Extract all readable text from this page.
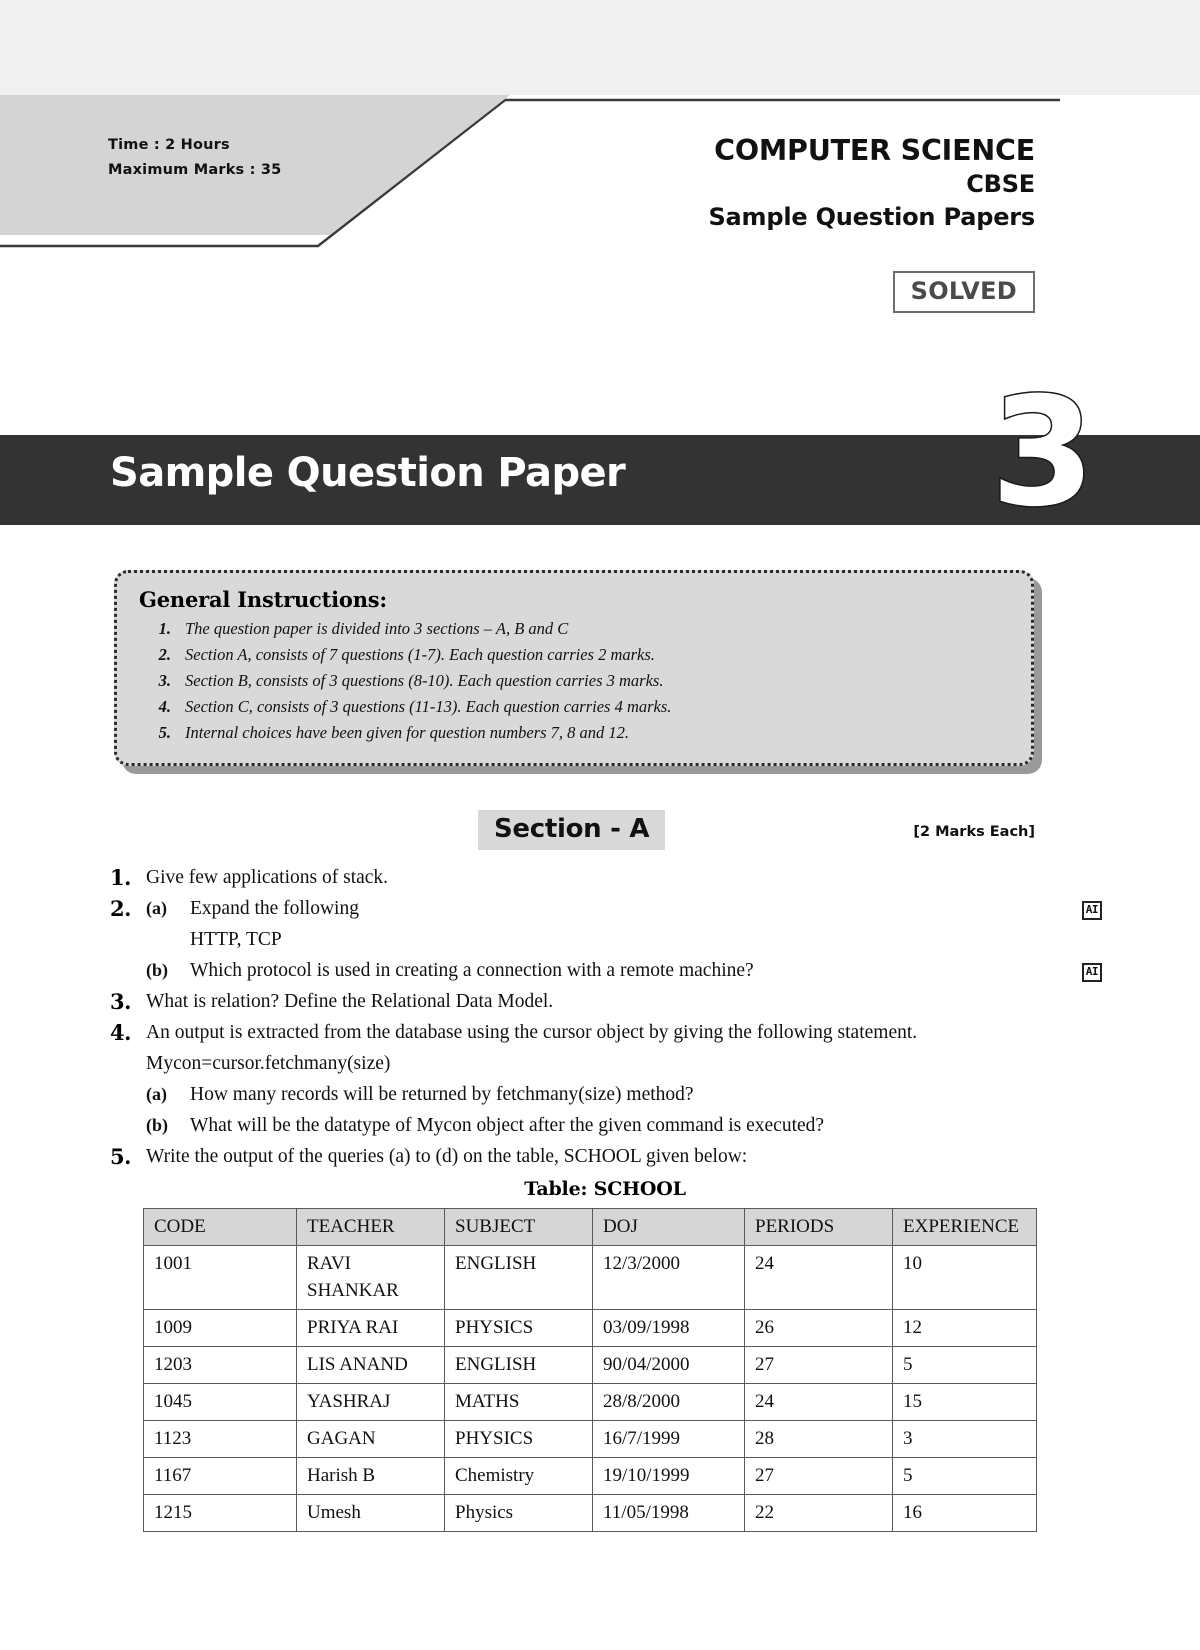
Time : 2 Hours
Maximum Marks : 35
COMPUTER SCIENCE
CBSE
Sample Question Papers
SOLVED
Sample Question Paper 3
General Instructions:
1. The question paper is divided into 3 sections – A, B and C
2. Section A, consists of 7 questions (1-7). Each question carries 2 marks.
3. Section B, consists of 3 questions (8-10). Each question carries 3 marks.
4. Section C, consists of 3 questions (11-13). Each question carries 4 marks.
5. Internal choices have been given for question numbers 7, 8 and 12.
Section - A	[2 Marks Each]
1. Give few applications of stack.
2. (a)	Expand the following	AI
HTTP, TCP
(b)	Which protocol is used in creating a connection with a remote machine?	AI
3. What is relation? Define the Relational Data Model.
4. An output is extracted from the database using the cursor object by giving the following statement.
Mycon=cursor.fetchmany(size)
(a)	How many records will be returned by fetchmany(size) method?
(b)	What will be the datatype of Mycon object after the given command is executed?
5. Write the output of the queries (a) to (d) on the table, SCHOOL given below:
Table: SCHOOL
CODE	TEACHER	SUBJECT	DOJ	PERIODS	EXPERIENCE
1001	RAVI SHANKAR	ENGLISH	12/3/2000	24	10
1009	PRIYA RAI	PHYSICS	03/09/1998	26	12
1203	LIS ANAND	ENGLISH	90/04/2000	27	5
1045	YASHRAJ	MATHS	28/8/2000	24	15
1123	GAGAN	PHYSICS	16/7/1999	28	3
1167	Harish B	Chemistry	19/10/1999	27	5
1215	Umesh	Physics	11/05/1998	22	16
